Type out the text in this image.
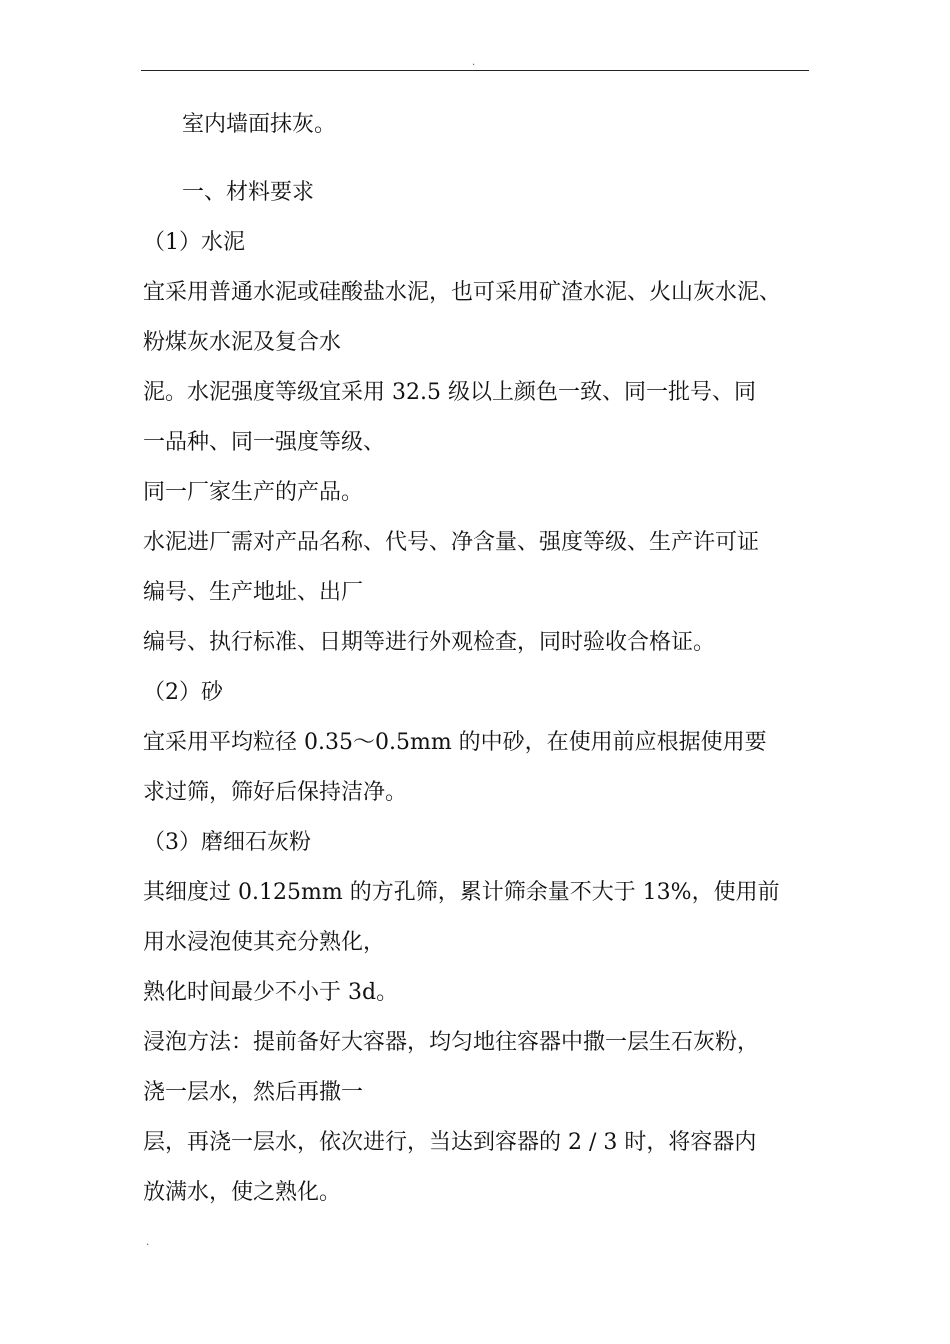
.
室内墙面抹灰。
一、材料要求
（1）水泥
宜采用普通水泥或硅酸盐水泥，也可采用矿渣水泥、火山灰水泥、
粉煤灰水泥及复合水
泥。水泥强度等级宜采用 32.5 级以上颜色一致、同一批号、同
一品种、同一强度等级、
同一厂家生产的产品。
水泥进厂需对产品名称、代号、净含量、强度等级、生产许可证
编号、生产地址、出厂
编号、执行标准、日期等进行外观检查，同时验收合格证。
（2）砂
宜采用平均粒径 0.35～0.5mm 的中砂，在使用前应根据使用要
求过筛，筛好后保持洁净。
（3）磨细石灰粉
其细度过 0.125mm 的方孔筛，累计筛余量不大于 13%，使用前
用水浸泡使其充分熟化，
熟化时间最少不小于 3d。
浸泡方法：提前备好大容器，均匀地往容器中撒一层生石灰粉，
浇一层水，然后再撒一
层，再浇一层水，依次进行，当达到容器的 2 / 3 时，将容器内
放满水，使之熟化。
.
